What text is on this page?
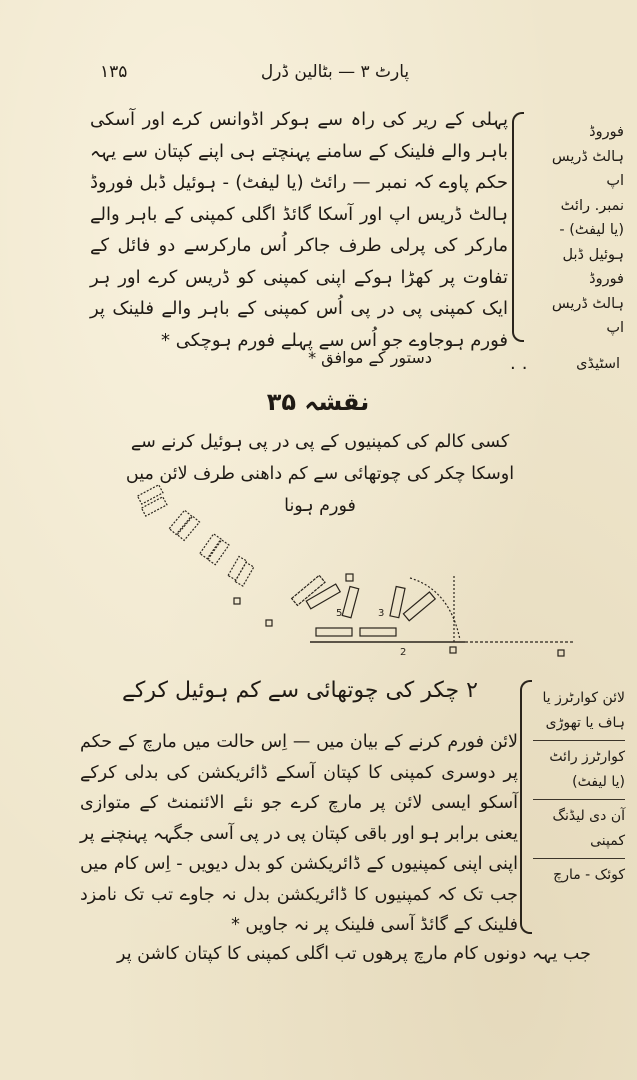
۱۳۵	پارٹ ۳ — بٹالین ڈرل

پہلی کے ریر کی راہ سے ہوکر اڈوانس کرے اور آسکی باہر والے فلینک کے سامنے پہنچتے ہی اپنے کپتان سے یہہ حکم پاوے کہ نمبر — رائٹ (یا لیفٹ) - ہوئیل ڈبل فوروڈ ہالٹ ڈریس اپ اور آسکا گائڈ اگلی کمپنی کے باہر والے مارکر کی پرلی طرف جاکر اُس مارکرسے دو فائل کے تفاوت پر کھڑا ہوکے اپنی کمپنی کو ڈریس کرے اور ہر ایک کمپنی پی در پی اُس کمپنی کے باہر والے فلینک پر فورم ہوجاوے جو اُس سے پہلے فورم ہوچکی *

فوروڈ
ہالٹ ڈریس
اپ
نمبر. رائٹ
(یا لیفٹ) -
ہوئیل ڈبل
فوروڈ
ہالٹ ڈریس
اپ
دستور کے موافق *	..	اسٹیڈی
نقشہ ۳۵
کسی کالم کی کمپنیوں کے پی در پی ہوئیل کرنے سے اوسکا چکر کی چوتھائی سے کم داھنی طرف لائن میں فورم ہونا
5	3
2
۲ چکر کی چوتھائی سے کم ہوئیل کرکے

لائن فورم کرنے کے بیان میں — اِس حالت میں مارچ کے حکم پر دوسری کمپنی کا کپتان آسکے ڈائریکشن کی بدلی کرکے آسکو ایسی لائن پر مارچ کرے جو نئے الائنمنٹ کے متوازی یعنی برابر ہو اور باقی کپتان پی در پی آسی جگہہ پہنچنے پر اپنی اپنی کمپنیوں کے ڈائریکشن کو بدل دیویں - اِس کام میں جب تک کہ کمپنیوں کا ڈائریکشن بدل نہ جاوے تب تک نامزد فلینک کے گائڈ آسی فلینک پر نہ جاویں *

لائن کوارٹرز یا ہاف یا تھوڑی
کوارٹرز رائٹ (یا لیفٹ)
آن دی لیڈنگ کمپنی
کوئک - مارچ
جب یہہ دونوں کام مارچ پرھوں تب اگلی کمپنی کا کپتان کاشن پر
